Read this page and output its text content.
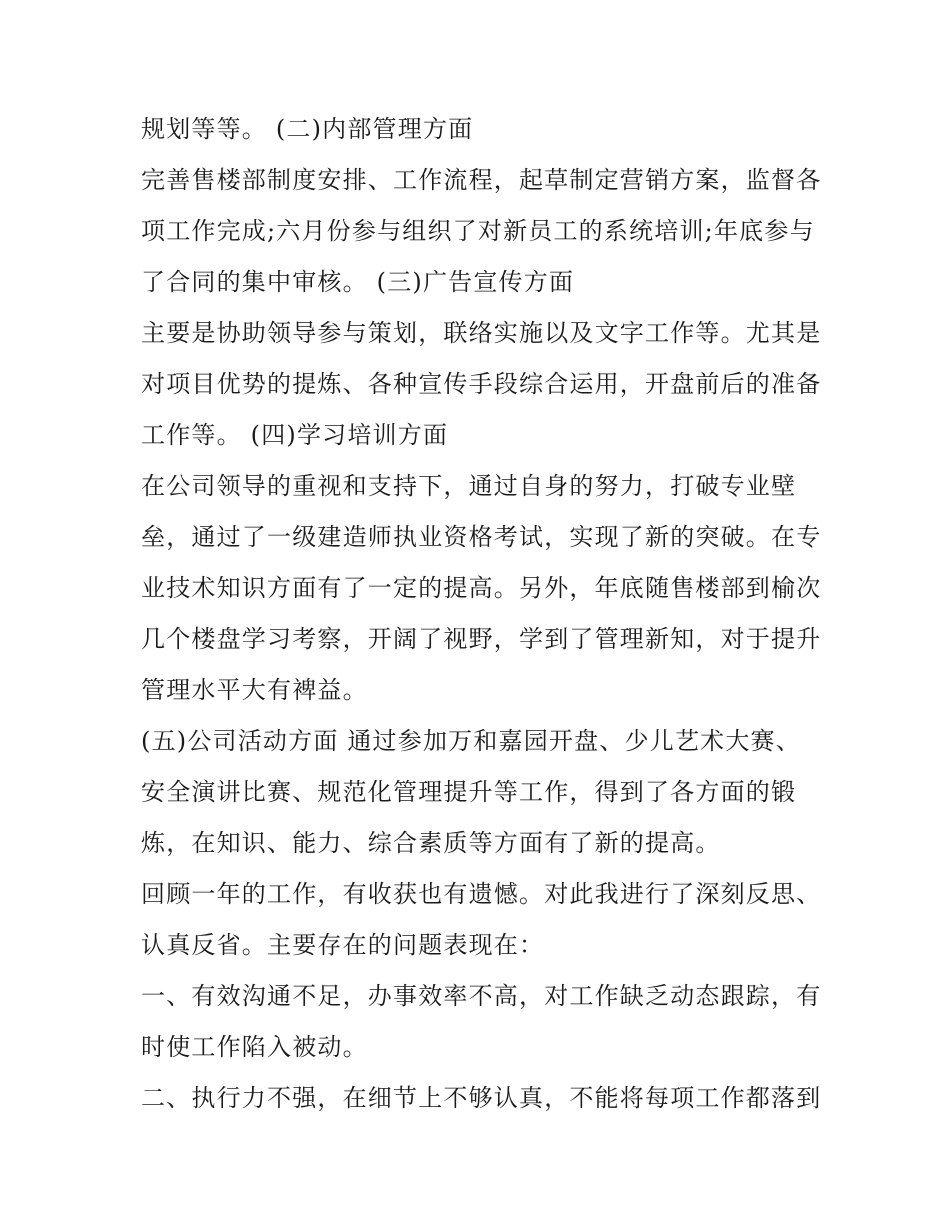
规划等等。 (二)内部管理方面

完善售楼部制度安排、工作流程，起草制定营销方案，监督各

项工作完成;六月份参与组织了对新员工的系统培训;年底参与

了合同的集中审核。 (三)广告宣传方面

主要是协助领导参与策划，联络实施以及文字工作等。尤其是

对项目优势的提炼、各种宣传手段综合运用，开盘前后的准备

工作等。 (四)学习培训方面

在公司领导的重视和支持下，通过自身的努力，打破专业壁

垒，通过了一级建造师执业资格考试，实现了新的突破。在专

业技术知识方面有了一定的提高。另外，年底随售楼部到榆次

几个楼盘学习考察，开阔了视野，学到了管理新知，对于提升

管理水平大有裨益。

(五)公司活动方面 通过参加万和嘉园开盘、少儿艺术大赛、

安全演讲比赛、规范化管理提升等工作，得到了各方面的锻

炼，在知识、能力、综合素质等方面有了新的提高。

回顾一年的工作，有收获也有遗憾。对此我进行了深刻反思、

认真反省。主要存在的问题表现在：

一、有效沟通不足，办事效率不高，对工作缺乏动态跟踪，有

时使工作陷入被动。

二、执行力不强，在细节上不够认真，不能将每项工作都落到
